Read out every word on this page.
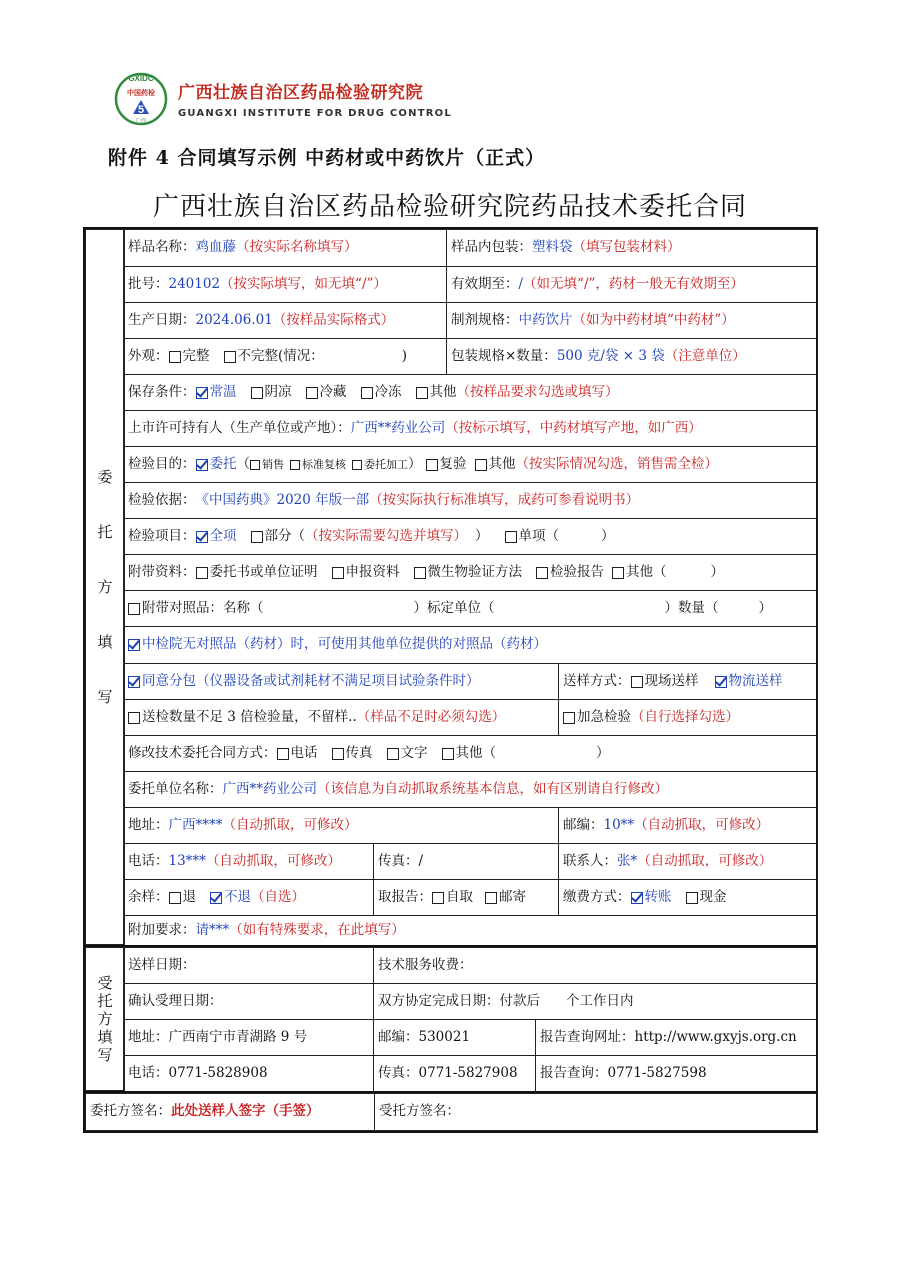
GXIDC
中国药检
5
广西
广西壮族自治区药品检验研究院
GUANGXI INSTITUTE FOR DRUG CONTROL
附件 4 合同填写示例 中药材或中药饮片（正式）
广西壮族自治区药品检验研究院药品技术委托合同
委
托
方
填
写
受
托
方
填
写
样品名称： 鸡血藤 （按实际名称填写）	样品内包装： 塑料袋 （填写包装材料）
批号： 240102 （按实际填写，如无填“/”）	有效期至： / （如无填“/”，药材一般无有效期至）
生产日期： 2024.06.01 （按样品实际格式）	制剂规格： 中药饮片 （如为中药材填“中药材”）
外观： 完整 不完整(情况：	)	包装规格×数量： 500 克/袋 × 3 袋 （注意单位）
保存条件： 常温 阴凉 冷藏 冷冻 其他 （按样品要求勾选或填写）
上市许可持有人（生产单位或产地）： 广西**药业公司 （按标示填写，中药材填写产地，如广西）
检验目的： 委托 （ 销售 标准复核 委托加工 ） 复验 其他 （按实际情况勾选，销售需全检）
检验依据： 《中国药典》2020 年版一部 （按实际执行标准填写，成药可参看说明书）
检验项目： 全项 部分（ （按实际需要勾选并填写） ） 单项（	）
附带资料： 委托书或单位证明 申报资料 微生物验证方法 检验报告 其他（	）
附带对照品：名称（	）标定单位（	）数量（	）
中检院无对照品（药材）时，可使用其他单位提供的对照品（药材）
同意分包（仪器设备或试剂耗材不满足项目试验条件时）	送样方式： 现场送样 物流送样
送检数量不足 3 倍检验量，不留样.. （样品不足时必须勾选）	加急检验 （自行选择勾选）
修改技术委托合同方式： 电话 传真 文字 其他（	）
委托单位名称： 广西**药业公司 （该信息为自动抓取系统基本信息，如有区别请自行修改）
地址： 广西**** （自动抓取，可修改）	邮编： 10** （自动抓取，可修改）
电话： 13*** （自动抓取，可修改）	传真：/	联系人： 张* （自动抓取，可修改）
余样： 退 不退 （自选）	取报告： 自取 邮寄	缴费方式： 转账 现金
附加要求： 请*** （如有特殊要求，在此填写）
送样日期：	技术服务收费：
确认受理日期：	双方协定完成日期：付款后 个工作日内
地址：广西南宁市青湖路 9 号	邮编：530021	报告查询网址：http://www.gxyjs.org.cn
电话：0771-5828908	传真：0771-5827908 报告查询：0771-5827598
委托方签名： 此处送样人签字（手签）	受托方签名：
